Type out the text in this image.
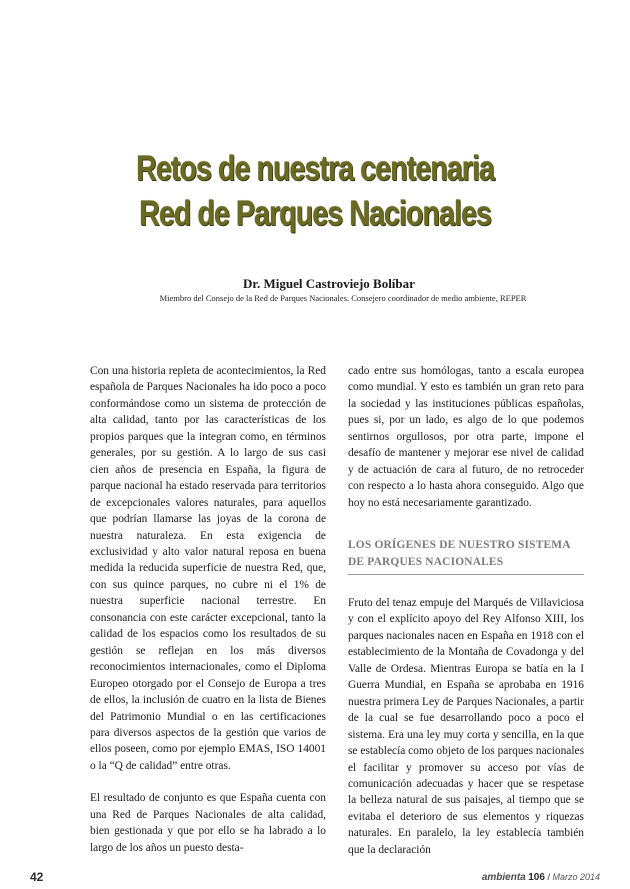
Retos de nuestra centenaria
Red de Parques Nacionales

Dr. Miguel Castroviejo Bolíbar

Miembro del Consejo de la Red de Parques Nacionales. Consejero coordinador de medio ambiente, REPER

Con una historia repleta de acontecimientos, la Red española de Parques Nacionales ha ido poco a poco conformándose como un sistema de protección de alta calidad, tanto por las características de los propios parques que la integran como, en términos generales, por su gestión. A lo largo de sus casi cien años de presencia en España, la figura de parque nacional ha estado reservada para territorios de excepcionales valores naturales, para aquellos que podrían llamarse las joyas de la corona de nuestra naturaleza. En esta exigencia de exclusividad y alto valor natural reposa en buena medida la reducida superficie de nuestra Red, que, con sus quince parques, no cubre ni el 1% de nuestra superficie nacional terrestre. En consonancia con este carácter excepcional, tanto la calidad de los espacios como los resultados de su gestión se reflejan en los más diversos reconocimientos internacionales, como el Diploma Europeo otorgado por el Consejo de Europa a tres de ellos, la inclusión de cuatro en la lista de Bienes del Patrimonio Mundial o en las certificaciones para diversos aspectos de la gestión que varios de ellos poseen, como por ejemplo EMAS, ISO 14001 o la “Q de calidad” entre otras.

El resultado de conjunto es que España cuenta con una Red de Parques Nacionales de alta calidad, bien gestionada y que por ello se ha labrado a lo largo de los años un puesto desta-

cado entre sus homólogas, tanto a escala europea como mundial. Y esto es también un gran reto para la sociedad y las instituciones públicas españolas, pues si, por un lado, es algo de lo que podemos sentirnos orgullosos, por otra parte, impone el desafío de mantener y mejorar ese nivel de calidad y de actuación de cara al futuro, de no retroceder con respecto a lo hasta ahora conseguido. Algo que hoy no está necesariamente garantizado.

LOS ORÍGENES DE NUESTRO SISTEMA DE PARQUES NACIONALES

Fruto del tenaz empuje del Marqués de Villaviciosa y con el explícito apoyo del Rey Alfonso XIII, los parques nacionales nacen en España en 1918 con el establecimiento de la Montaña de Covadonga y del Valle de Ordesa. Mientras Europa se batía en la I Guerra Mundial, en España se aprobaba en 1916 nuestra primera Ley de Parques Nacionales, a partir de la cual se fue desarrollando poco a poco el sistema. Era una ley muy corta y sencilla, en la que se establecía como objeto de los parques nacionales el facilitar y promover su acceso por vías de comunicación adecuadas y hacer que se respetase la belleza natural de sus paisajes, al tiempo que se evitaba el deterioro de sus elementos y riquezas naturales. En paralelo, la ley establecía también que la declaración

42	ambienta 106 / Marzo 2014
